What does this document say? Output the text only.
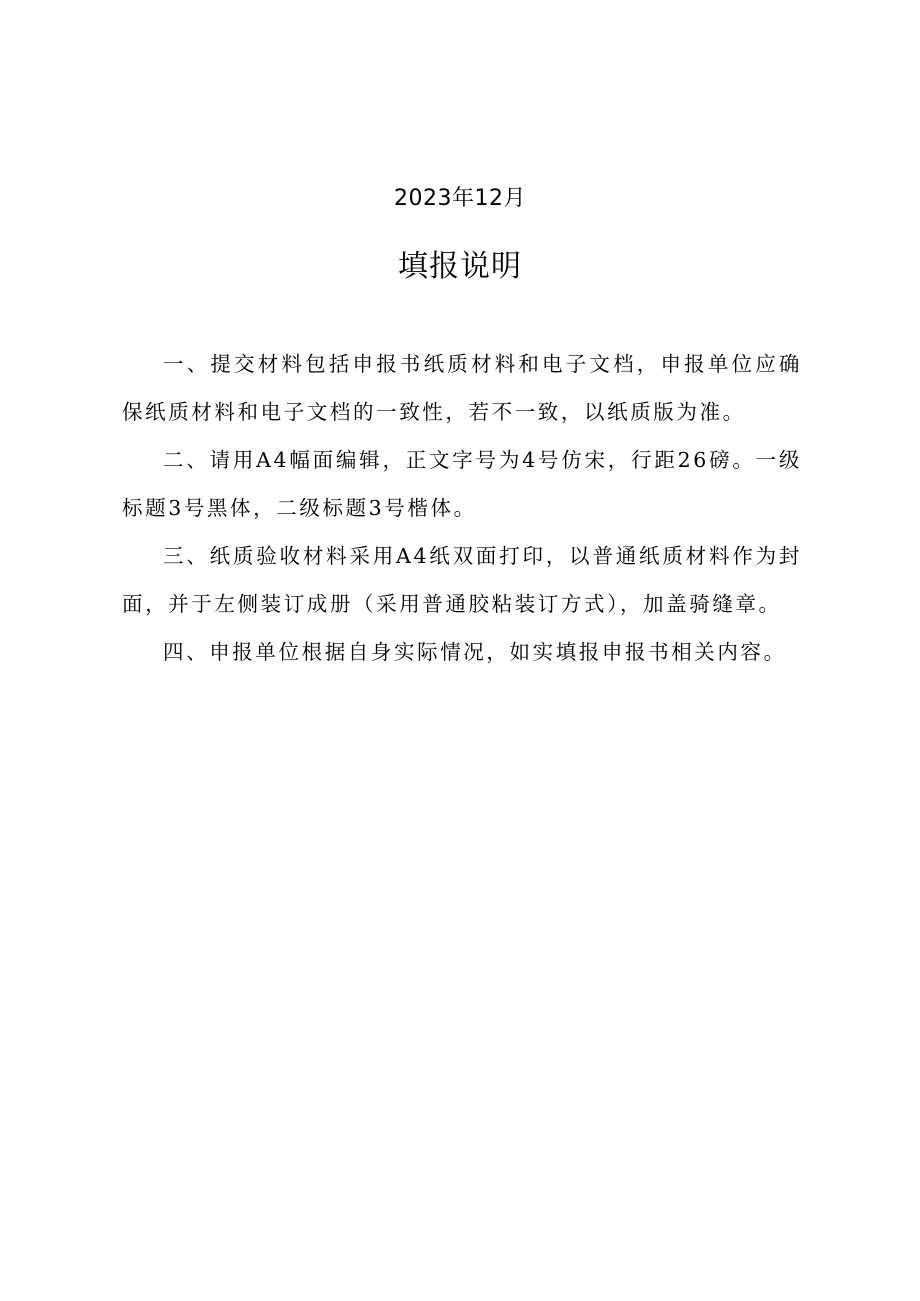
2023年12月
填报说明

一、提交材料包括申报书纸质材料和电子文档，申报单位应确保纸质材料和电子文档的一致性，若不一致，以纸质版为准。

二、请用A4幅面编辑，正文字号为4号仿宋，行距26磅。一级标题3号黑体，二级标题3号楷体。

三、纸质验收材料采用A4纸双面打印，以普通纸质材料作为封面，并于左侧装订成册（采用普通胶粘装订方式），加盖骑缝章。

四、申报单位根据自身实际情况，如实填报申报书相关内容。
